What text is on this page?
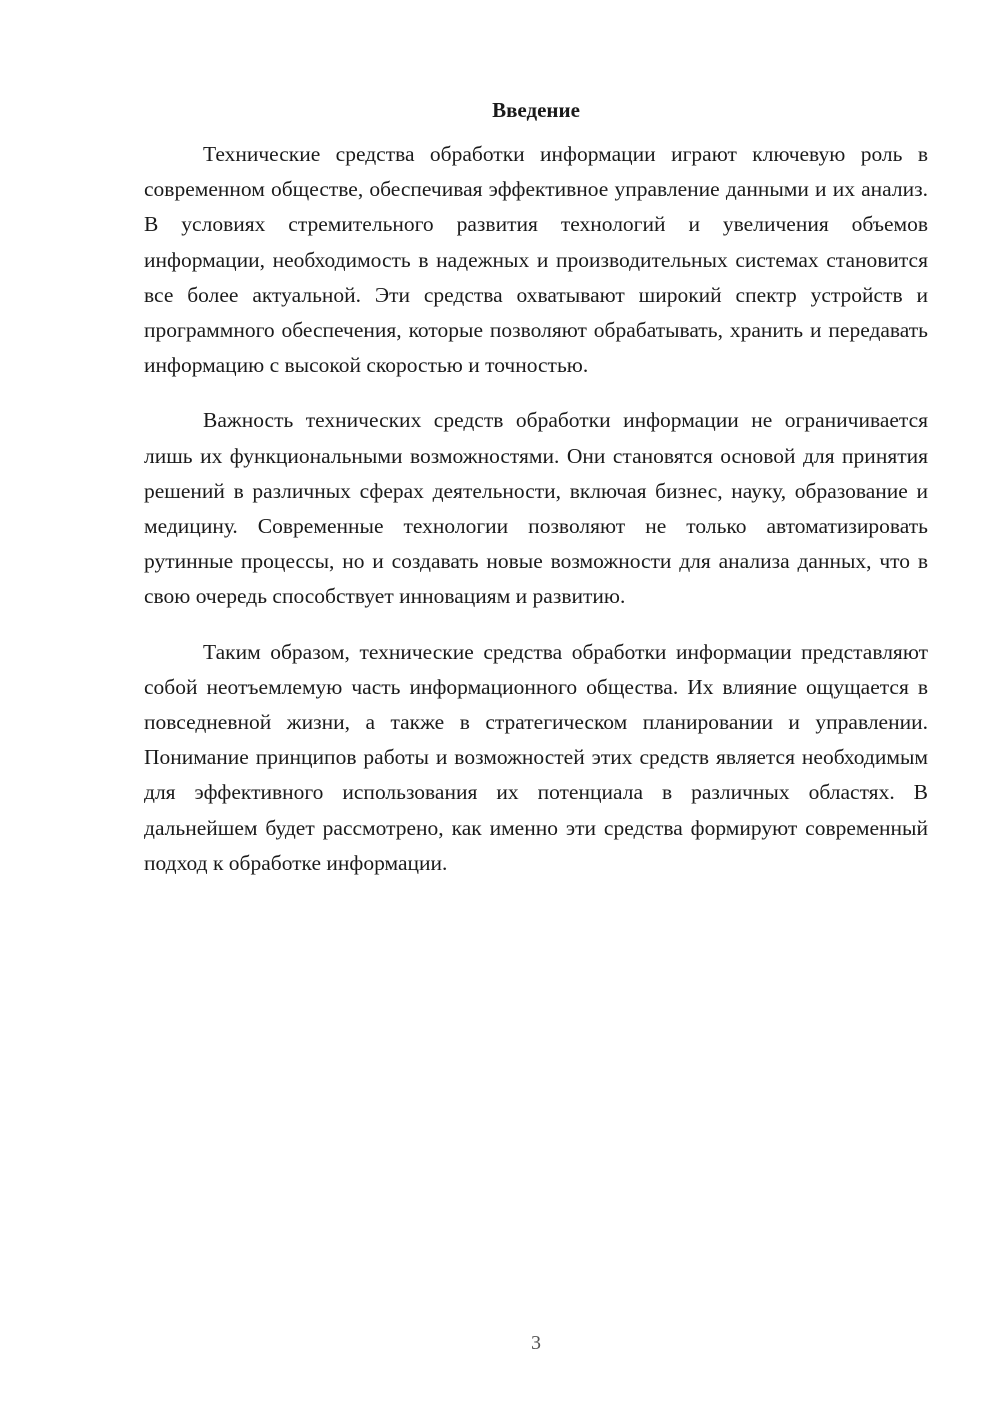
Введение

Технические средства обработки информации играют ключевую роль в современном обществе, обеспечивая эффективное управление данными и их анализ. В условиях стремительного развития технологий и увеличения объемов информации, необходимость в надежных и производительных системах становится все более актуальной. Эти средства охватывают широкий спектр устройств и программного обеспечения, которые позволяют обрабатывать, хранить и передавать информацию с высокой скоростью и точностью.

Важность технических средств обработки информации не ограничивается лишь их функциональными возможностями. Они становятся основой для принятия решений в различных сферах деятельности, включая бизнес, науку, образование и медицину. Современные технологии позволяют не только автоматизировать рутинные процессы, но и создавать новые возможности для анализа данных, что в свою очередь способствует инновациям и развитию.

Таким образом, технические средства обработки информации представляют собой неотъемлемую часть информационного общества. Их влияние ощущается в повседневной жизни, а также в стратегическом планировании и управлении. Понимание принципов работы и возможностей этих средств является необходимым для эффективного использования их потенциала в различных областях. В дальнейшем будет рассмотрено, как именно эти средства формируют современный подход к обработке информации.

3
